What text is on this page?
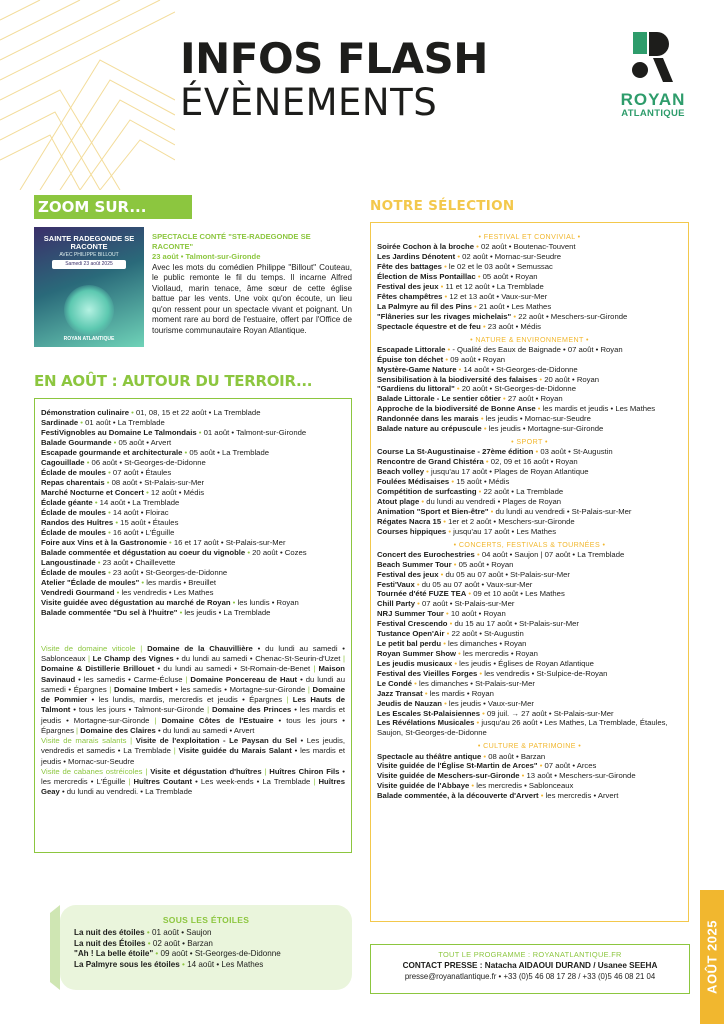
INFOS FLASH
ÉVÈNEMENTS	ROYAN
ATLANTIQUE
ZOOM SUR...
SAINTE RADEGONDE SE RACONTE
AVEC PHILIPPE BILLOUT
Samedi 23 août 2025
ROYAN ATLANTIQUE
SPECTACLE CONTÉ "STE-RADEGONDE SE RACONTE"
23 août • Talmont-sur-Gironde
Avec les mots du comédien Philippe "Billout" Couteau, le public remonte le fil du temps. Il incarne Alfred Viollaud, marin tenace, âme sœur de cette église battue par les vents. Une voix qu'on écoute, un lieu qu'on ressent pour un spectacle vivant et poignant. Un moment rare au bord de l'estuaire, offert par l'Office de tourisme communautaire Royan Atlantique.
EN AOÛT : AUTOUR DU TERROIR...
Démonstration culinaire • 01, 08, 15 et 22 août • La Tremblade
Sardinade • 01 août • La Tremblade
FestiVignobles au Domaine Le Talmondais • 01 août • Talmont-sur-Gironde
Balade Gourmande • 05 août • Arvert
Escapade gourmande et architecturale • 05 août • La Tremblade
Cagouillade • 06 août • St-Georges-de-Didonne
Éclade de moules • 07 août • Étaules
Repas charentais • 08 août • St-Palais-sur-Mer
Marché Nocturne et Concert • 12 août • Médis
Éclade géante • 14 août • La Tremblade
Éclade de moules • 14 août • Floirac
Randos des Huîtres • 15 août • Étaules
Éclade de moules • 16 août • L'Éguille
Foire aux Vins et à la Gastronomie • 16 et 17 août • St-Palais-sur-Mer
Balade commentée et dégustation au coeur du vignoble • 20 août • Cozes
Langoustinade • 23 août • Chaillevette
Éclade de moules • 23 août • St-Georges-de-Didonne
Atelier "Éclade de moules" • les mardis • Breuillet
Vendredi Gourmand • les vendredis • Les Mathes
Visite guidée avec dégustation au marché de Royan • les lundis • Royan
Balade commentée "Du sel à l'huitre" • les jeudis • La Tremblade
Visite de domaine viticole | Domaine de la Chauvillière • du lundi au samedi • Sablonceaux | Le Champ des Vignes • du lundi au samedi • Chenac-St-Seurin-d'Uzet | Domaine & Distillerie Brillouet • du lundi au samedi • St-Romain-de-Benet | Maison Savinaud • les samedis • Carme-Écluse | Domaine Poncereau de Haut • du lundi au samedi • Épargnes | Domaine Imbert • les samedis • Mortagne-sur-Gironde | Domaine de Pommier • les lundis, mardis, mercredis et jeudis • Épargnes | Les Hauts de Talmont • tous les jours • Talmont-sur-Gironde | Domaine des Princes • les mardis et jeudis • Mortagne-sur-Gironde | Domaine Côtes de l'Estuaire • tous les jours • Épargnes | Domaine des Claires • du lundi au samedi • Arvert
Visite de marais salants | Visite de l'exploitation - Le Paysan du Sel • Les jeudis, vendredis et samedis • La Tremblade | Visite guidée du Marais Salant • les mardis et jeudis • Mornac-sur-Seudre
Visite de cabanes ostréicoles | Visite et dégustation d'huîtres | Huîtres Chiron Fils • les mercredis • L'Éguille | Huîtres Coutant • Les week-ends • La Tremblade | Huîtres Geay • du lundi au vendredi. • La Tremblade
SOUS LES ÉTOILES
La nuit des étoiles • 01 août • Saujon
La nuit des Étoiles • 02 août • Barzan
"Ah ! La belle étoile" • 09 août • St-Georges-de-Didonne
La Palmyre sous les étoiles • 14 août • Les Mathes
NOTRE SÉLECTION
• FESTIVAL ET CONVIVIAL •
Soirée Cochon à la broche • 02 août • Boutenac-Touvent
Les Jardins Dénotent • 02 août • Mornac-sur-Seudre
Fête des battages • le 02 et le 03 août • Semussac
Élection de Miss Pontaillac • 05 août • Royan
Festival des jeux • 11 et 12 août • La Tremblade
Fêtes champêtres • 12 et 13 août • Vaux-sur-Mer
La Palmyre au fil des Pins • 21 août • Les Mathes
"Flâneries sur les rivages michelais" • 22 août • Meschers-sur-Gironde
Spectacle équestre et de feu • 23 août • Médis
• NATURE & ENVIRONNEMENT •
Escapade Littorale • - Qualité des Eaux de Baignade • 07 août • Royan
Épuise ton déchet • 09 août • Royan
Mystère-Game Nature • 14 août • St-Georges-de-Didonne
Sensibilisation à la biodiversité des falaises • 20 août • Royan
"Gardiens du littoral" • 20 août • St-Georges-de-Didonne
Balade Littorale - Le sentier côtier • 27 août • Royan
Approche de la biodiversité de Bonne Anse • les mardis et jeudis • Les Mathes
Randonnée dans les marais • les jeudis • Mornac-sur-Seudre
Balade nature au crépuscule • les jeudis • Mortagne-sur-Gironde
• SPORT •
Course La St-Augustinaise - 27ème édition • 03 août • St-Augustin
Rencontre de Grand Chistéra • 02, 09 et 16 août • Royan
Beach volley • jusqu'au 17 août • Plages de Royan Atlantique
Foulées Médisaises • 15 août • Médis
Compétition de surfcasting • 22 août • La Tremblade
Atout plage • du lundi au vendredi • Plages de Royan
Animation "Sport et Bien-être" • du lundi au vendredi • St-Palais-sur-Mer
Régates Nacra 15 • 1er et 2 août • Meschers-sur-Gironde
Courses hippiques • jusqu'au 17 août • Les Mathes
• CONCERTS, FESTIVALS & TOURNÉES •
Concert des Eurochestries • 04 août • Saujon | 07 août • La Tremblade
Beach Summer Tour • 05 août • Royan
Festival des jeux • du 05 au 07 août • St-Palais-sur-Mer
Festi'Vaux • du 05 au 07 août • Vaux-sur-Mer
Tournée d'été FUZE TEA • 09 et 10 août • Les Mathes
Chill Party • 07 août • St-Palais-sur-Mer
NRJ Summer Tour • 10 août • Royan
Festival Crescendo • du 15 au 17 août • St-Palais-sur-Mer
Tustance Open'Air • 22 août • St-Augustin
Le petit bal perdu • les dimanches • Royan
Royan Summer Show • les mercredis • Royan
Les jeudis musicaux • les jeudis • Églises de Royan Atlantique
Festival des Vieilles Forges • les vendredis • St-Sulpice-de-Royan
Le Condé • les dimanches • St-Palais-sur-Mer
Jazz Transat • les mardis • Royan
Jeudis de Nauzan • les jeudis • Vaux-sur-Mer
Les Escales St-Palaisiennes • 09 juil. → 27 août • St-Palais-sur-Mer
Les Révélations Musicales • jusqu'au 26 août • Les Mathes, La Tremblade, Étaules, Saujon, St-Georges-de-Didonne
• CULTURE & PATRIMOINE •
Spectacle au théâtre antique • 08 août • Barzan
Visite guidée de l'Église St-Martin de Arces" • 07 août • Arces
Visite guidée de Meschers-sur-Gironde • 13 août • Meschers-sur-Gironde
Visite guidée de l'Abbaye • les mercredis • Sablonceaux
Balade commentée, à la découverte d'Arvert • les mercredis • Arvert
TOUT LE PROGRAMME : ROYANATLANTIQUE.FR
CONTACT PRESSE : Natacha AIDAOUI DURAND / Usanee SEEHA
presse@royanatlantique.fr • +33 (0)5 46 08 17 28 / +33 (0)5 46 08 21 04	AOÛT 2025
